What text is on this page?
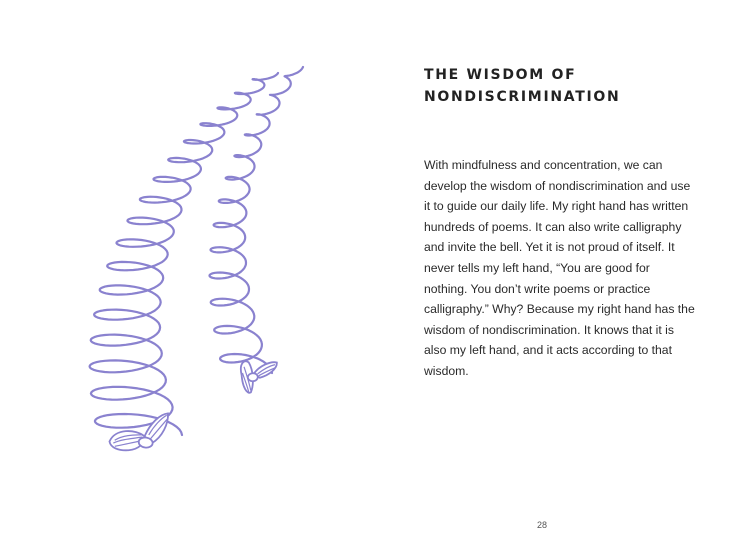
THE WISDOM OF
NONDISCRIMINATION

With mindfulness and concentration, we can develop the wisdom of nondiscrimination and use it to guide our daily life. My right hand has written hundreds of poems. It can also write calligraphy and invite the bell. Yet it is not proud of itself. It never tells my left hand, “You are good for nothing. You don’t write poems or practice calligraphy.” Why? Because my right hand has the wisdom of nondiscrimination. It knows that it is also my left hand, and it acts according to that wisdom.

28
